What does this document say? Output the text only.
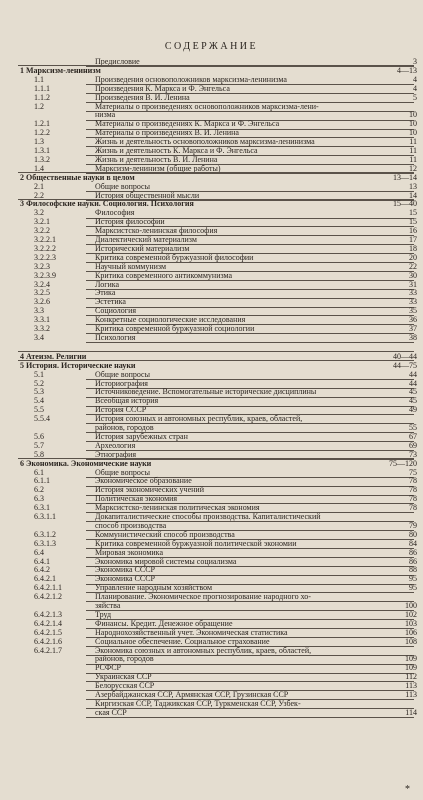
СОДЕРЖАНИЕ
Предисловие	3
1 Марксизм-ленинизм	4—13
1.1	Произведения основоположников марксизма-ленинизма	4
1.1.1	Произведения К. Маркса и Ф. Энгельса	4
1.1.2	Произведения В. И. Ленина	5
1.2	Материалы о произведениях основоположников марксизма-лени-
низма	10
1.2.1	Материалы о произведениях К. Маркса и Ф. Энгельса	10
1.2.2	Материалы о произведениях В. И. Ленина	10
1.3	Жизнь и деятельность основоположников марксизма-ленинизма	11
1.3.1	Жизнь и деятельность К. Маркса и Ф. Энгельса	11
1.3.2	Жизнь и деятельность В. И. Ленина	11
1.4	Марксизм-ленинизм (общие работы)	12
2 Общественные науки в целом	13—14
2.1	Общие вопросы	13
2.2	История общественной мысли	14
3 Философские науки. Социология. Психология	15—40
3.2	Философия	15
3.2.1	История философии	15
3.2.2	Марксистско-ленинская философия	16
3.2.2.1	Диалектический материализм	17
3.2.2.2	Исторический материализм	18
3.2.2.3	Критика современной буржуазной философии	20
3.2.3	Научный коммунизм	22
3.2.3.9	Критика современного антикоммунизма	30
3.2.4	Логика	31
3.2.5	Этика	33
3.2.6	Эстетика	33
3.3	Социология	35
3.3.1	Конкретные социологические исследования	36
3.3.2	Критика современной буржуазной социологии	37
3.4	Психология	38
4 Атеизм. Религии	40—44
5 История. Исторические науки	44—75
5.1	Общие вопросы	44
5.2	Историография	44
5.3	Источниковедение. Вспомогательные исторические дисциплины	45
5.4	Всеобщая история	45
5.5	История СССР	49
5.5.4	История союзных и автономных республик, краев, областей,
районов, городов	55
5.6	История зарубежных стран	67
5.7	Археология	69
5.8	Этнография	73
6 Экономика. Экономические науки	75—120
6.1	Общие вопросы	75
6.1.1	Экономическое образование	78
6.2	История экономических учений	78
6.3	Политическая экономия	78
6.3.1	Марксистско-ленинская политическая экономия	78
6.3.1.1	Докапиталистические способы производства. Капиталистический
способ производства	79
6.3.1.2	Коммунистический способ производства	80
6.3.1.3	Критика современной буржуазной политической экономии	84
6.4	Мировая экономика	86
6.4.1	Экономика мировой системы социализма	86
6.4.2	Экономика СССР	88
6.4.2.1	Экономика СССР	95
6.4.2.1.1	Управление народным хозяйством	95
6.4.2.1.2	Планирование. Экономическое прогнозирование народного хо-
зяйства	100
6.4.2.1.3	Труд	102
6.4.2.1.4	Финансы. Кредит. Денежное обращение	103
6.4.2.1.5	Народнохозяйственный учет. Экономическая статистика	106
6.4.2.1.6	Социальное обеспечение. Социальное страхование	108
6.4.2.1.7	Экономика союзных и автономных республик, краев, областей,
районов, городов	109
РСФСР	109
Украинская ССР	112
Белорусская ССР	113
Азербайджанская ССР, Армянская ССР, Грузинская ССР	113
Киргизская ССР, Таджикская ССР, Туркменская ССР, Узбек-
ская ССР	114
*
